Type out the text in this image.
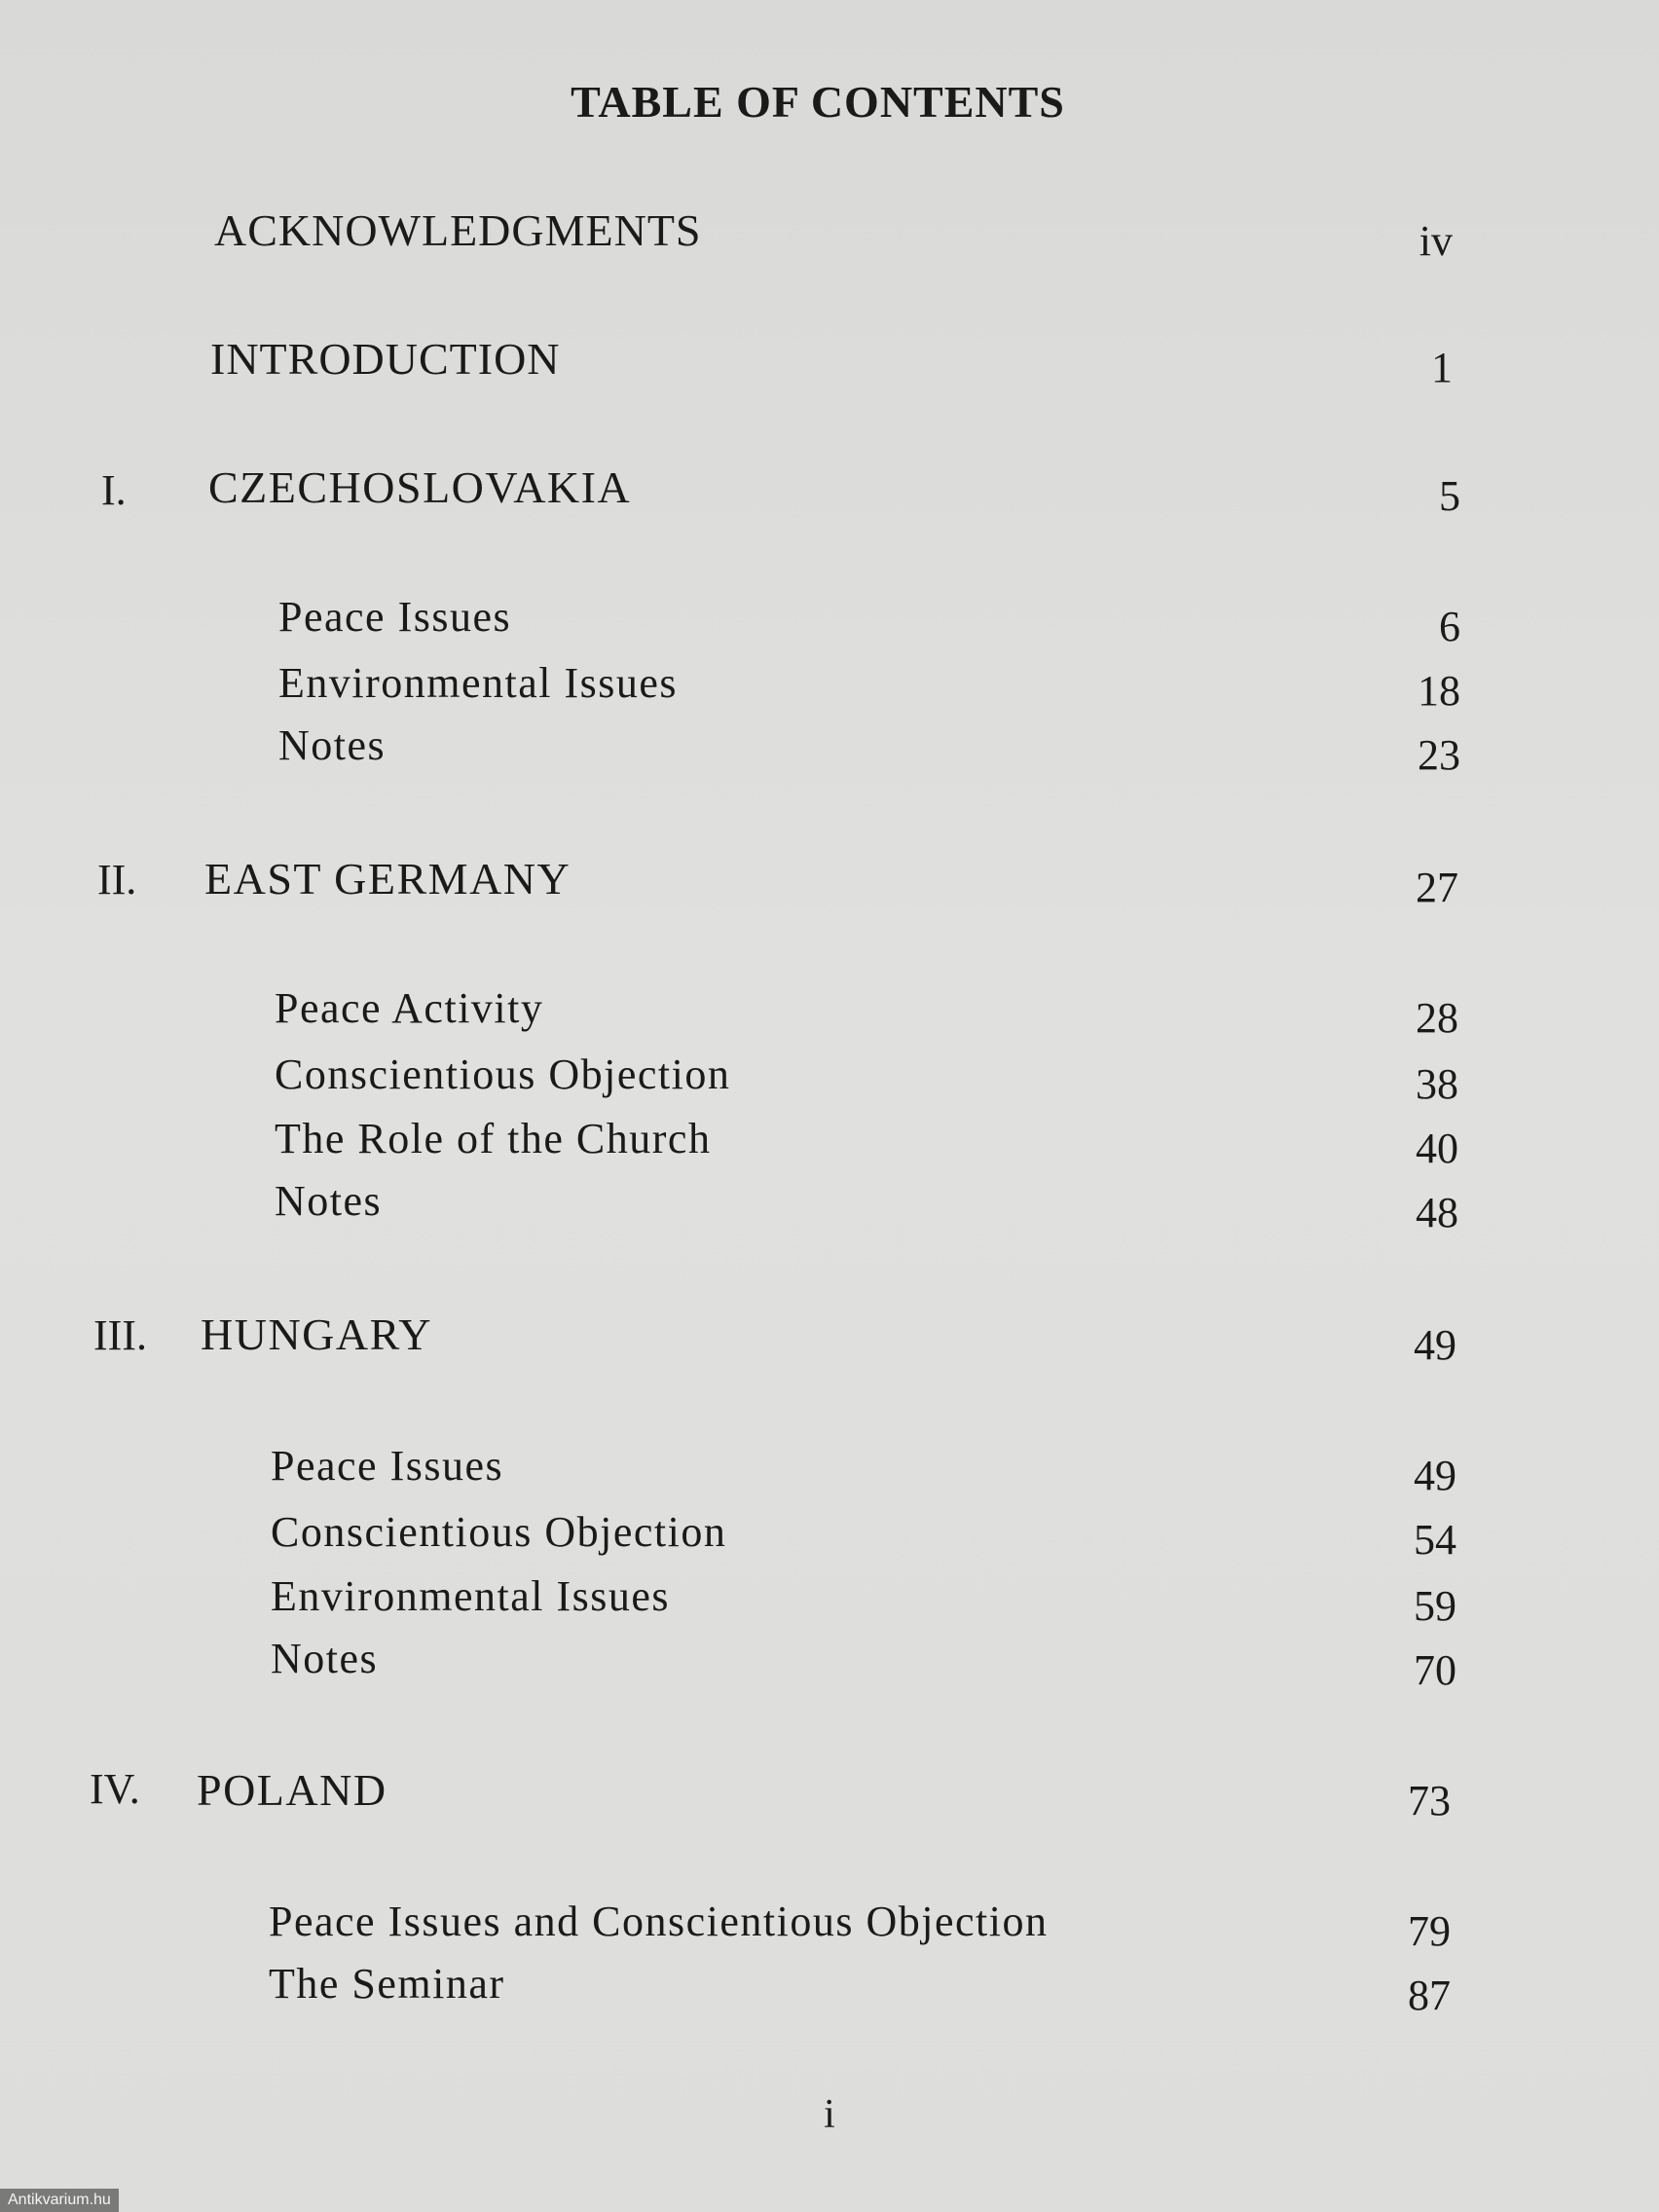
TABLE OF CONTENTS
ACKNOWLEDGMENTS	iv
INTRODUCTION	1
I. CZECHOSLOVAKIA	5
Peace Issues	6
Environmental Issues	18
Notes	23
II. EAST GERMANY	27
Peace Activity	28
Conscientious Objection	38
The Role of the Church	40
Notes	48
III. HUNGARY	49
Peace Issues	49
Conscientious Objection	54
Environmental Issues	59
Notes	70
IV. POLAND	73
Peace Issues and Conscientious Objection	79
The Seminar	87
i
Antikvarium.hu
